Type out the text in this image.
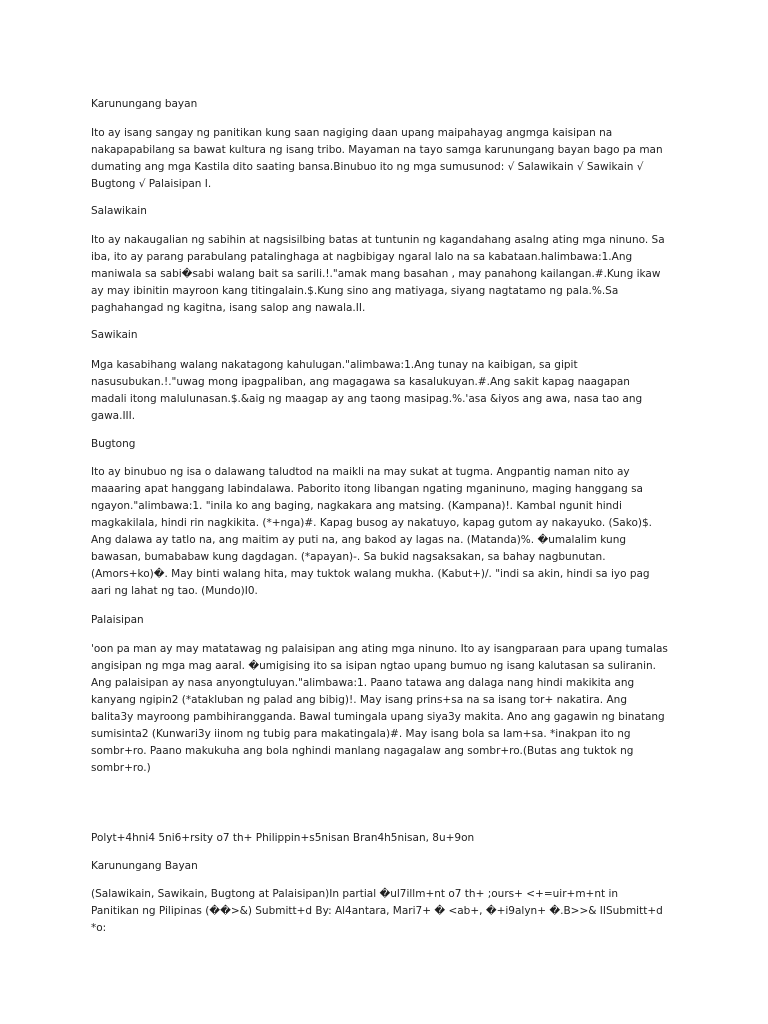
Karunungang bayan

Ito ay isang sangay ng panitikan kung saan nagiging daan upang maipahayag angmga kaisipan na nakapapabilang sa bawat kultura ng isang tribo. Mayaman na tayo samga karunungang bayan bago pa man dumating ang mga Kastila dito saating bansa.Binubuo ito ng mga sumusunod: √ Salawikain √ Sawikain √ Bugtong √ Palaisipan I.

Salawikain

Ito ay nakaugalian ng sabihin at nagsisilbing batas at tuntunin ng kagandahang asalng ating mga ninuno. Sa iba, ito ay parang parabulang patalinghaga at nagbibigay ngaral lalo na sa kabataan.halimbawa:1.Ang maniwala sa sabi�sabi walang bait sa sarili.!."amak mang basahan , may panahong kailangan.#.Kung ikaw ay may ibinitin mayroon kang titingalain.$.Kung sino ang matiyaga, siyang nagtatamo ng pala.%.Sa paghahangad ng kagitna, isang salop ang nawala.II.

Sawikain

Mga kasabihang walang nakatagong kahulugan."alimbawa:1.Ang tunay na kaibigan, sa gipit nasusubukan.!."uwag mong ipagpaliban, ang magagawa sa kasalukuyan.#.Ang sakit kapag naagapan madali itong malulunasan.$.&aig ng maagap ay ang taong masipag.%.'asa &iyos ang awa, nasa tao ang gawa.III.

Bugtong

Ito ay binubuo ng isa o dalawang taludtod na maikli na may sukat at tugma. Angpantig naman nito ay maaaring apat hanggang labindalawa. Paborito itong libangan ngating mganinuno, maging hanggang sa ngayon."alimbawa:1. "inila ko ang baging, nagkakara ang matsing. (Kampana)!. Kambal ngunit hindi magkakilala, hindi rin nagkikita. (*+nga)#. Kapag busog ay nakatuyo, kapag gutom ay nakayuko. (Sako)$. Ang dalawa ay tatlo na, ang maitim ay puti na, ang bakod ay lagas na. (Matanda)%. �umalalim kung bawasan, bumababaw kung dagdagan. (*apayan)-. Sa bukid nagsaksakan, sa bahay nagbunutan. (Amors+ko)�. May binti walang hita, may tuktok walang mukha. (Kabut+)/. "indi sa akin, hindi sa iyo pag aari ng lahat ng tao. (Mundo)I0.

Palaisipan

'oon pa man ay may matatawag ng palaisipan ang ating mga ninuno. Ito ay isangparaan para upang tumalas angisipan ng mga mag aaral. �umigising ito sa isipan ngtao upang bumuo ng isang kalutasan sa suliranin. Ang palaisipan ay nasa anyongtuluyan."alimbawa:1. Paano tatawa ang dalaga nang hindi makikita ang kanyang ngipin2 (*atakluban ng palad ang bibig)!. May isang prins+sa na sa isang tor+ nakatira. Ang balita3y mayroong pambihirangganda. Bawal tumingala upang siya3y makita. Ano ang gagawin ng binatang sumisinta2 (Kunwari3y iinom ng tubig para makatingala)#. May isang bola sa lam+sa. *inakpan ito ng sombr+ro. Paano makukuha ang bola nghindi manlang nagagalaw ang sombr+ro.(Butas ang tuktok ng sombr+ro.)

Polyt+4hni4 5ni6+rsity o7 th+ Philippin+s5nisan Bran4h5nisan, 8u+9on

Karunungang Bayan

(Salawikain, Sawikain, Bugtong at Palaisipan)In partial �ul7illm+nt o7 th+ ;ours+ <+=uir+m+nt in Panitikan ng Pilipinas (��>&) Submitt+d By: Al4antara, Mari7+ � <ab+, �+i9alyn+ �.B>>& IISubmitt+d *o:
